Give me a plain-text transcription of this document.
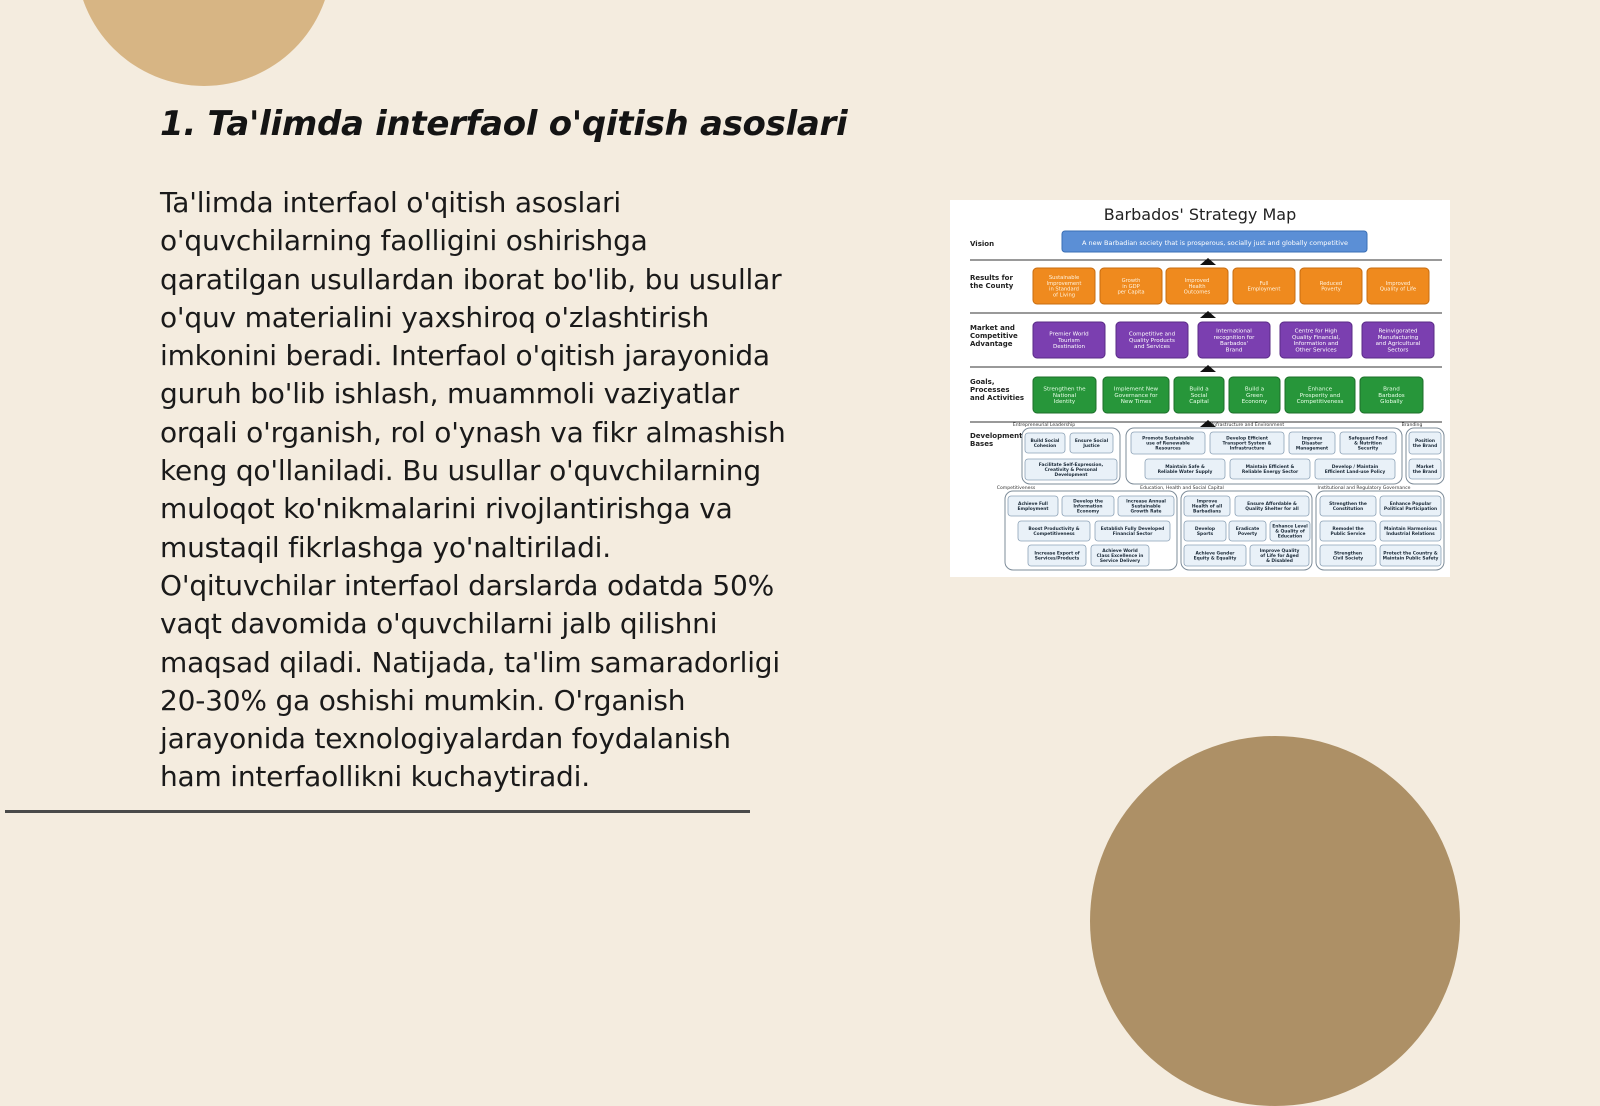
1. Ta'limda interfaol o'qitish asoslari
Ta'limda interfaol o'qitish asoslari
o'quvchilarning faolligini oshirishga
qaratilgan usullardan iborat bo'lib, bu usullar
o'quv materialini yaxshiroq o'zlashtirish
imkonini beradi. Interfaol o'qitish jarayonida
guruh bo'lib ishlash, muammoli vaziyatlar
orqali o'rganish, rol o'ynash va fikr almashish
keng qo'llaniladi. Bu usullar o'quvchilarning
muloqot ko'nikmalarini rivojlantirishga va
mustaqil fikrlashga yo'naltiriladi.
O'qituvchilar interfaol darslarda odatda 50%
vaqt davomida o'quvchilarni jalb qilishni
maqsad qiladi. Natijada, ta'lim samaradorligi
20-30% ga oshishi mumkin. O'rganish
jarayonida texnologiyalardan foydalanish
ham interfaollikni kuchaytiradi.
Barbados' Strategy Map
Vision
Results for
the County
Market and
Competitive
Advantage
Goals,
Processes
and Activities
Development
Bases
A new Barbadian society that is prosperous, socially just and globally competitive
Sustainable
Improvement
in Standard
of Living
Growth
in GDP
per Capita
Improved
Health
Outcomes
Full
Employment
Reduced
Poverty
Improved
Quality of Life
Premier World
Tourism
Destination
Competitive and
Quality Products
and Services
International
recognition for
Barbados'
Brand
Centre for High
Quality Financial,
Information and
Other Services
Reinvigorated
Manufacturing
and Agricultural
Sectors
Strengthen the
National
Identity
Implement New
Governance for
New Times
Build a
Social
Capital
Build a
Green
Economy
Enhance
Prosperity and
Competitiveness
Brand
Barbados
Globally
Entrepreneurial Leadership	Infrastructure and Environment	Branding
Competitiveness	Education, Health and Social Capital	Institutional and Regulatory Governance
Build Social
Cohesion
Ensure Social
Justice
Facilitate Self-Expression,
Creativity & Personal
Development
Promote Sustainable
use of Renewable
Resources
Develop Efficient
Transport System &
Infrastructure
Improve
Disaster
Management
Safeguard Food
& Nutrition
Security
Maintain Safe &
Reliable Water Supply
Maintain Efficient &
Reliable Energy Sector
Develop / Maintain
Efficient Land-use Policy
Position
the Brand
Market
the Brand
Achieve Full
Employment
Develop the
Information
Economy
Increase Annual
Sustainable
Growth Rate
Boost Productivity &
Competitiveness
Establish Fully Developed
Financial Sector
Increase Export of
Services/Products
Achieve World
Class Excellence in
Service Delivery
Improve
Health of all
Barbadians
Ensure Affordable &
Quality Shelter for all
Develop
Sports
Eradicate
Poverty
Enhance Level
& Quality of
Education
Achieve Gender
Equity & Equality
Improve Quality
of Life for Aged
& Disabled
Strengthen the
Constitution
Enhance Popular
Political Participation
Remodel the
Public Service
Maintain Harmonious
Industrial Relations
Strengthen
Civil Society
Protect the Country &
Maintain Public Safety
